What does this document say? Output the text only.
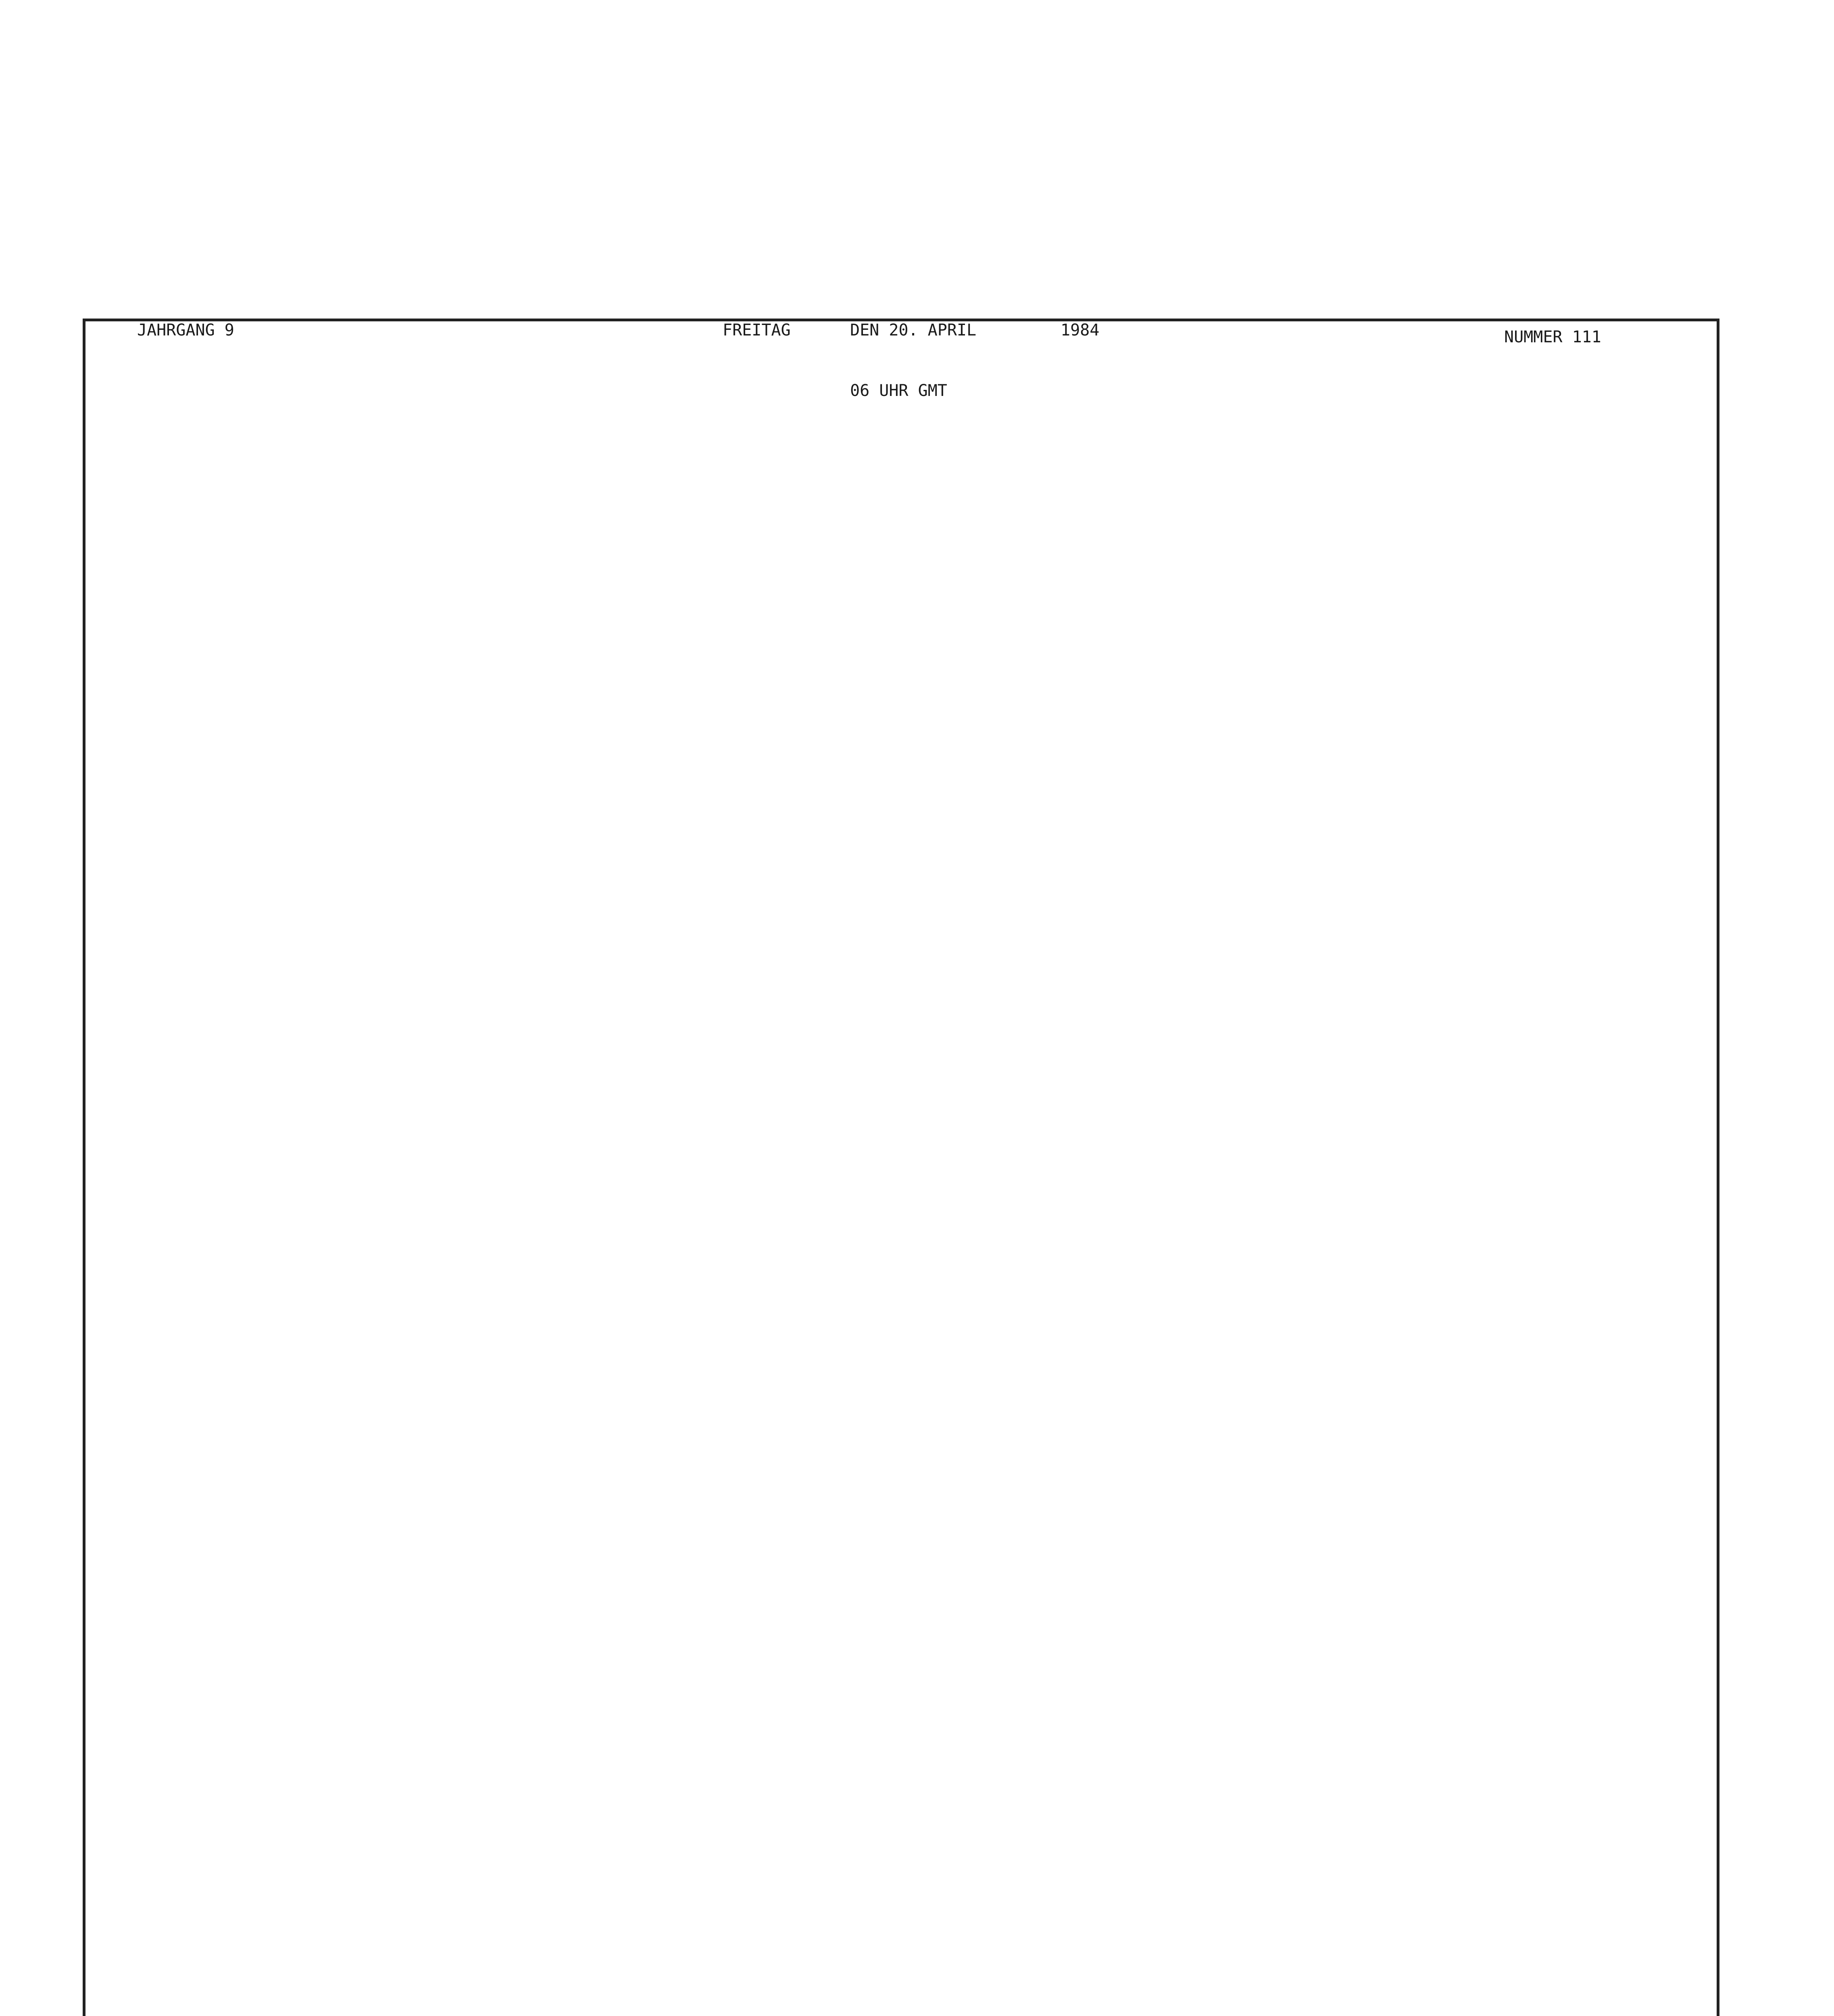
JAHRGANG 9	FREITAG	DEN 20. APRIL	1984	NUMMER 111
06 UHR GMT
